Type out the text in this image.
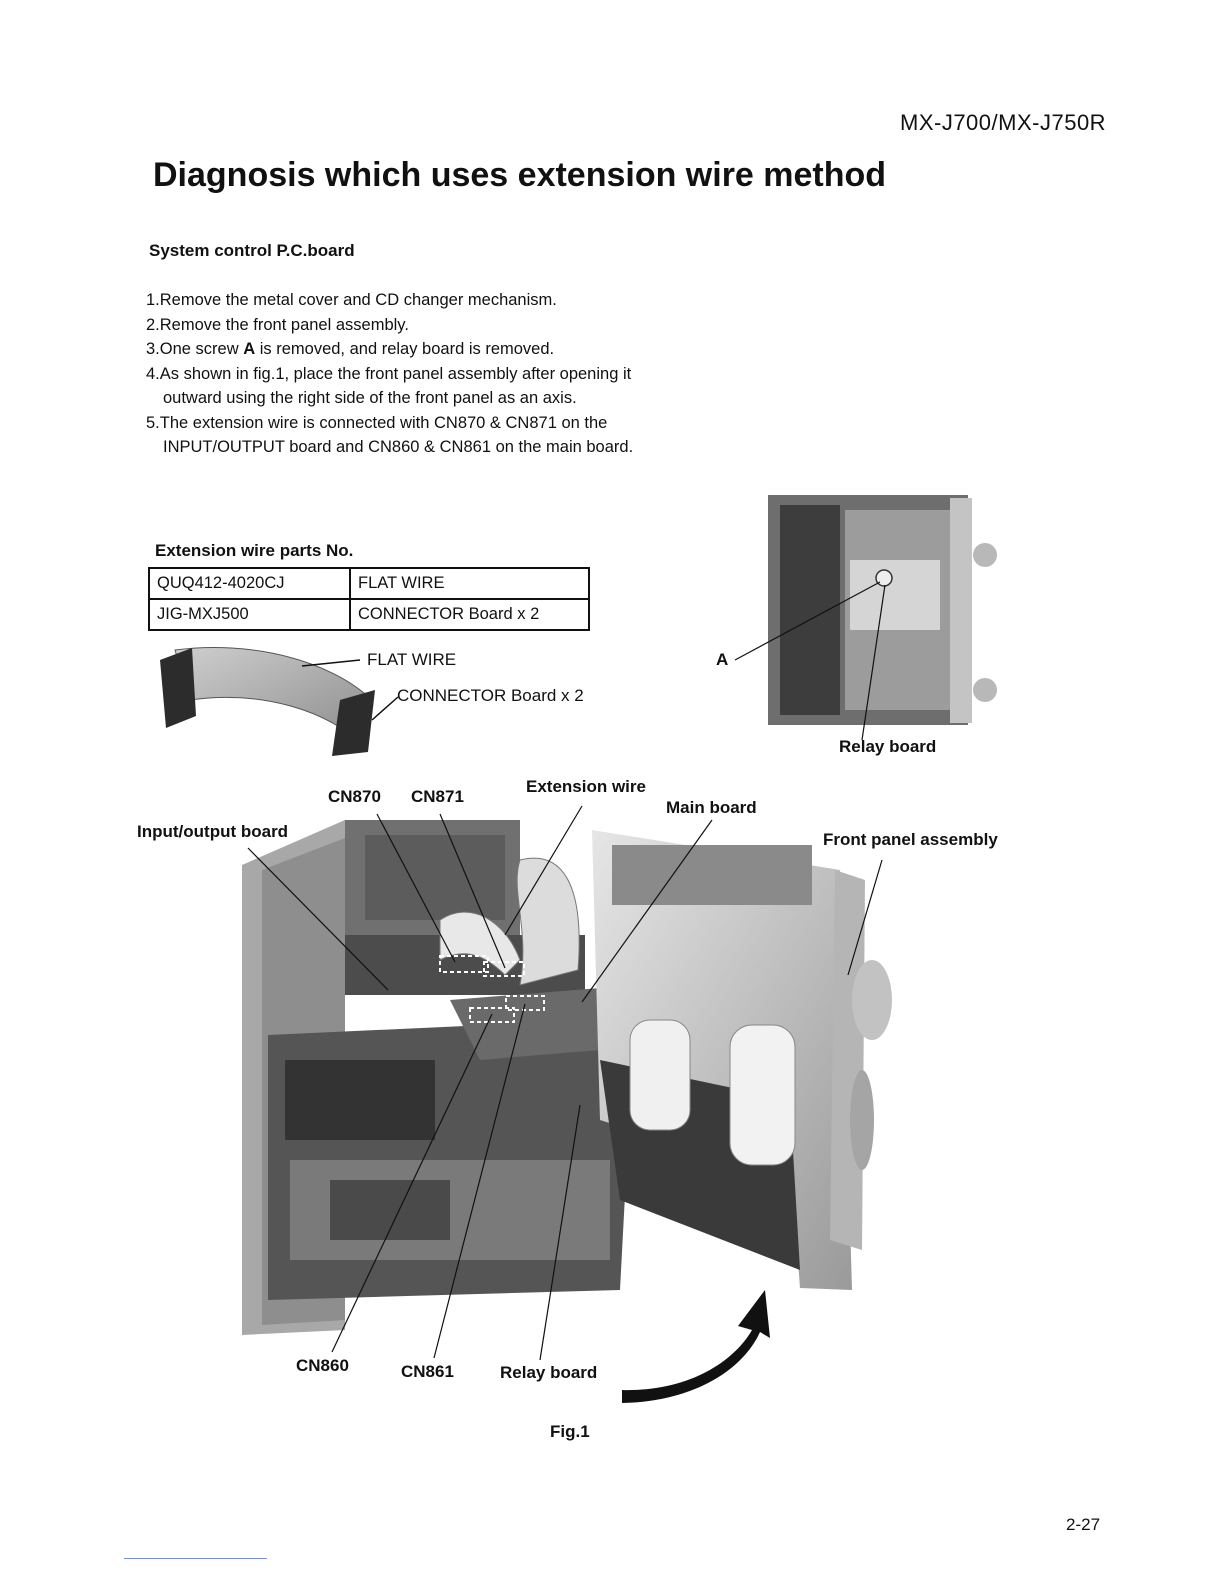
MX-J700/MX-J750R
Diagnosis which uses extension wire method
System control P.C.board
1.Remove the metal cover and CD changer mechanism.
2.Remove the front panel assembly.
3.One screw A is removed, and relay board is removed.
4.As shown in fig.1, place the front panel assembly after opening it outward using the right side of the front panel as an axis.
5.The extension wire is connected with CN870 & CN871 on the INPUT/OUTPUT board and CN860 & CN861 on the main board.
Extension wire parts No.
QUQ412-4020CJ	FLAT WIRE
JIG-MXJ500	CONNECTOR Board x 2
FLAT WIRE
CONNECTOR Board x 2
A
Relay board
CN870 CN871
Extension wire
Main board
Input/output board	Front panel assembly
CN860	CN861	Relay board
Fig.1
2-27
